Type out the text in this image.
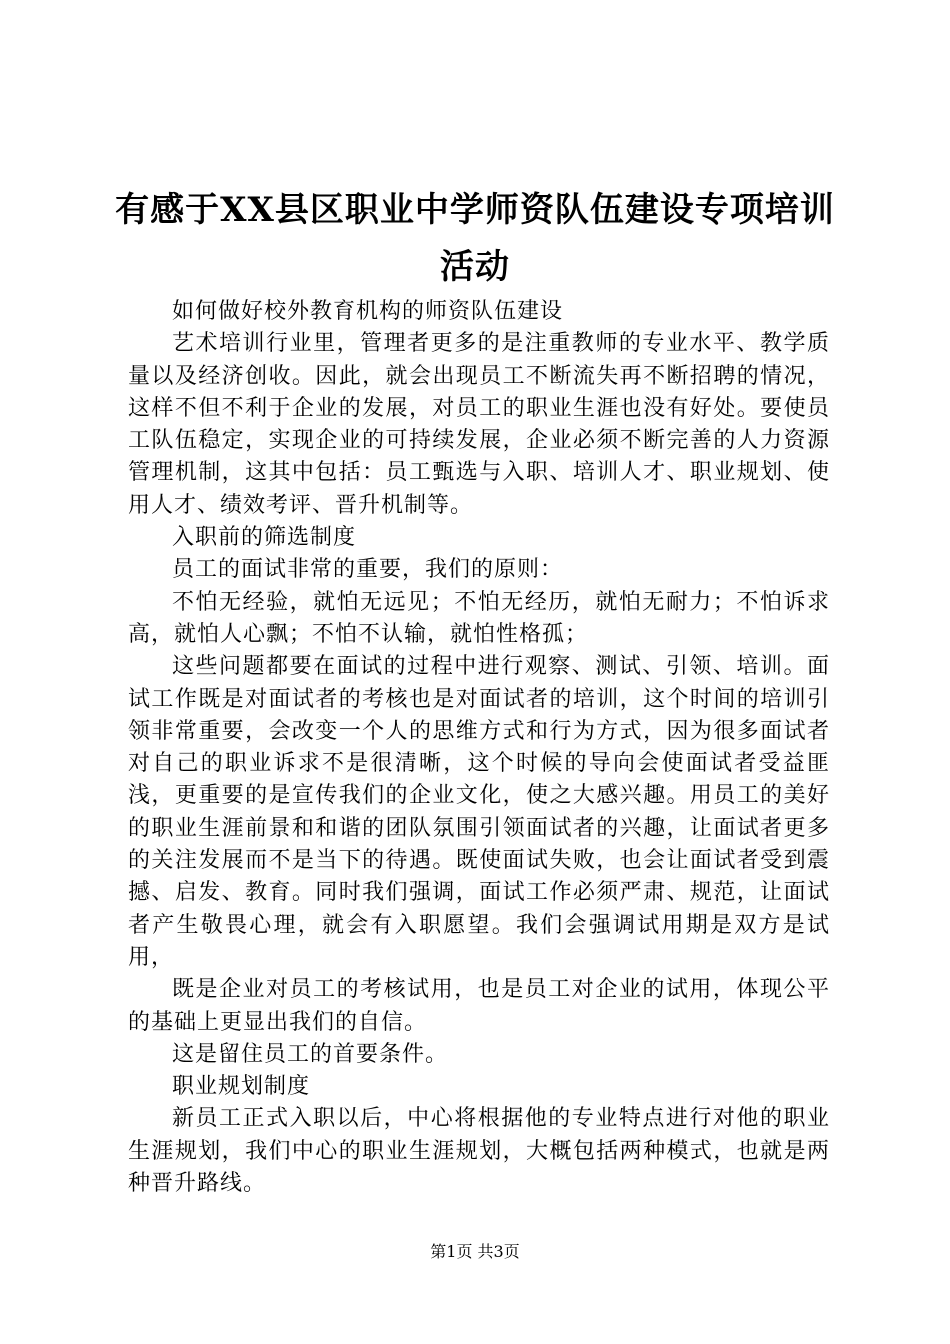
有感于XX县区职业中学师资队伍建设专项培训活动

如何做好校外教育机构的师资队伍建设

艺术培训行业里，管理者更多的是注重教师的专业水平、教学质量以及经济创收。因此，就会出现员工不断流失再不断招聘的情况，这样不但不利于企业的发展，对员工的职业生涯也没有好处。要使员工队伍稳定，实现企业的可持续发展，企业必须不断完善的人力资源管理机制，这其中包括：员工甄选与入职、培训人才、职业规划、使用人才、绩效考评、晋升机制等。

入职前的筛选制度

员工的面试非常的重要，我们的原则：

不怕无经验，就怕无远见；不怕无经历，就怕无耐力；不怕诉求高，就怕人心飘；不怕不认输，就怕性格孤；

这些问题都要在面试的过程中进行观察、测试、引领、培训。面试工作既是对面试者的考核也是对面试者的培训，这个时间的培训引领非常重要，会改变一个人的思维方式和行为方式，因为很多面试者对自己的职业诉求不是很清晰，这个时候的导向会使面试者受益匪浅，更重要的是宣传我们的企业文化，使之大感兴趣。用员工的美好的职业生涯前景和和谐的团队氛围引领面试者的兴趣，让面试者更多的关注发展而不是当下的待遇。既使面试失败，也会让面试者受到震撼、启发、教育。同时我们强调，面试工作必须严肃、规范，让面试者产生敬畏心理，就会有入职愿望。我们会强调试用期是双方是试用，

既是企业对员工的考核试用，也是员工对企业的试用，体现公平的基础上更显出我们的自信。

这是留住员工的首要条件。

职业规划制度

新员工正式入职以后，中心将根据他的专业特点进行对他的职业生涯规划，我们中心的职业生涯规划，大概包括两种模式，也就是两种晋升路线。

第1页 共3页
